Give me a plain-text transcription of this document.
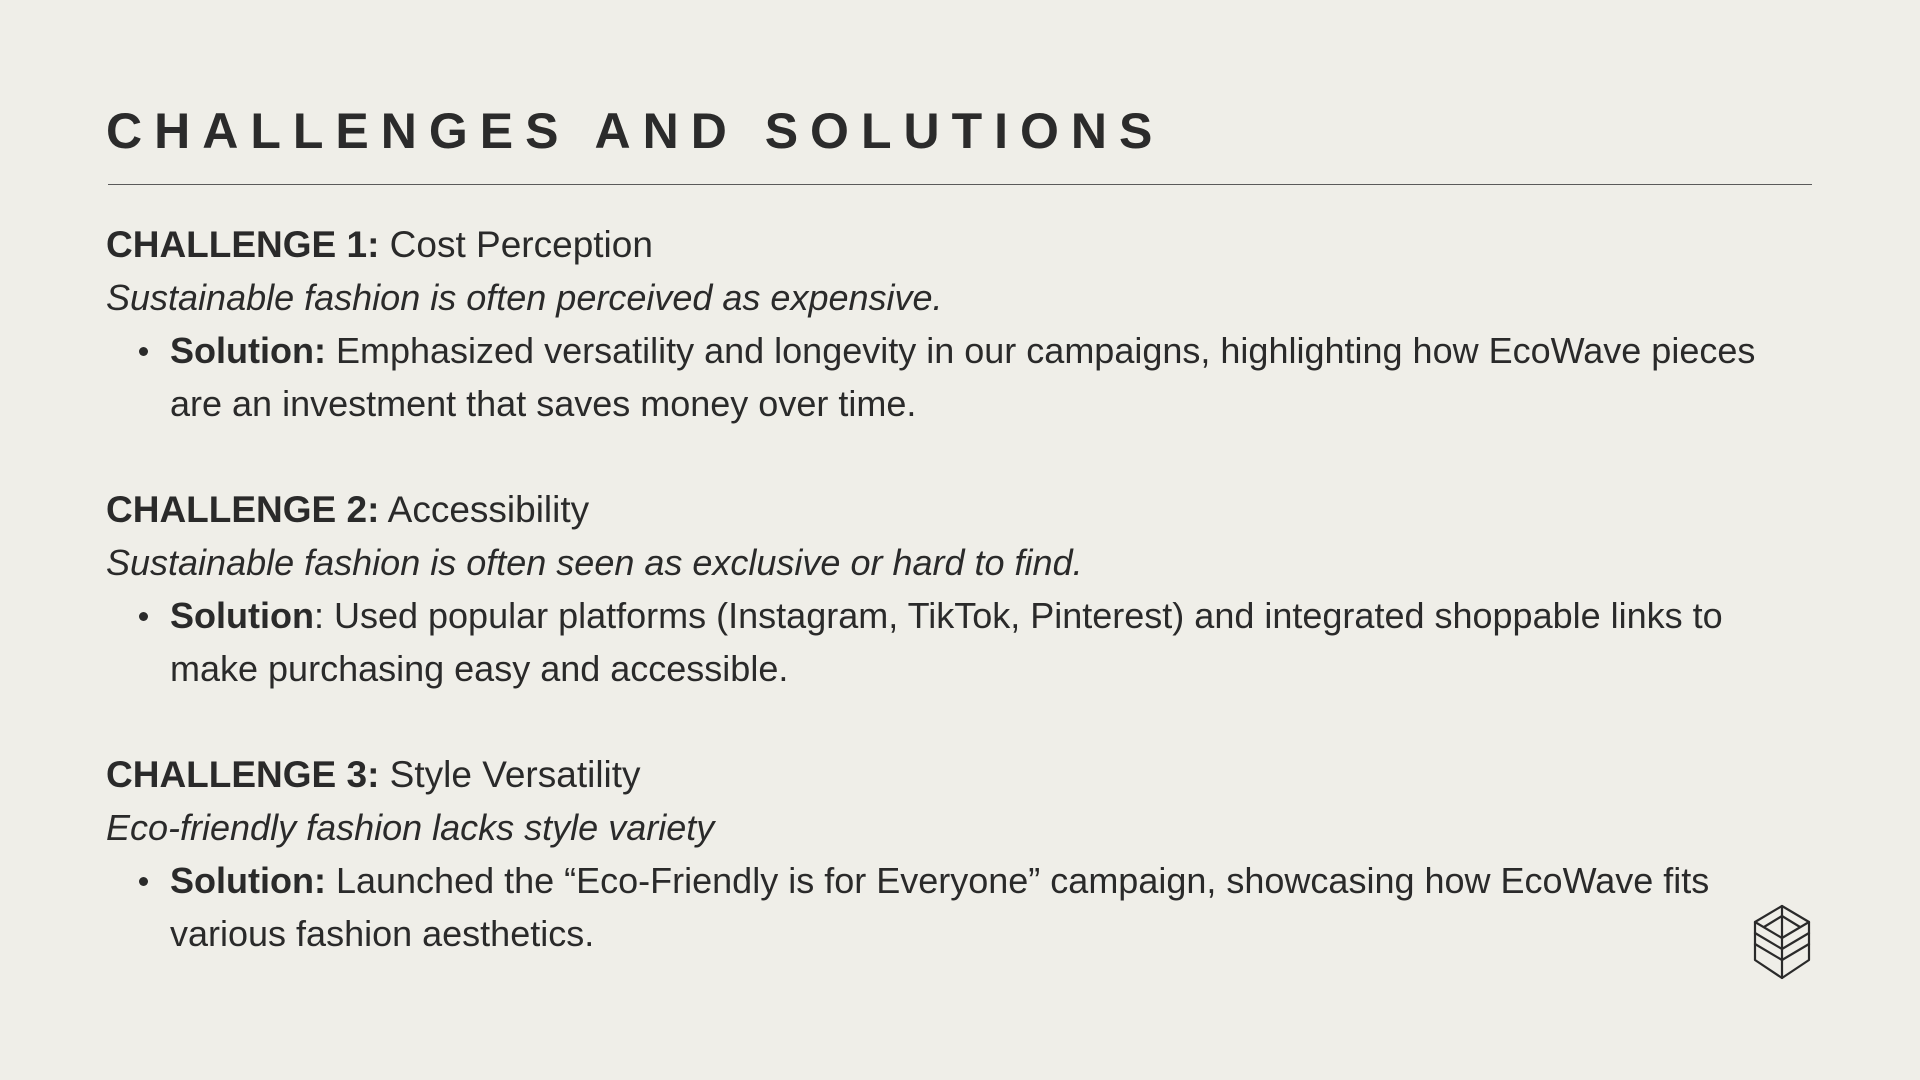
CHALLENGES AND SOLUTIONS
CHALLENGE 1: Cost Perception
Sustainable fashion is often perceived as expensive.
Solution: Emphasized versatility and longevity in our campaigns, highlighting how EcoWave pieces are an investment that saves money over time.
CHALLENGE 2: Accessibility
Sustainable fashion is often seen as exclusive or hard to find.
Solution: Used popular platforms (Instagram, TikTok, Pinterest) and integrated shoppable links to make purchasing easy and accessible.
CHALLENGE 3: Style Versatility
Eco-friendly fashion lacks style variety
Solution: Launched the “Eco-Friendly is for Everyone” campaign, showcasing how EcoWave fits various fashion aesthetics.
